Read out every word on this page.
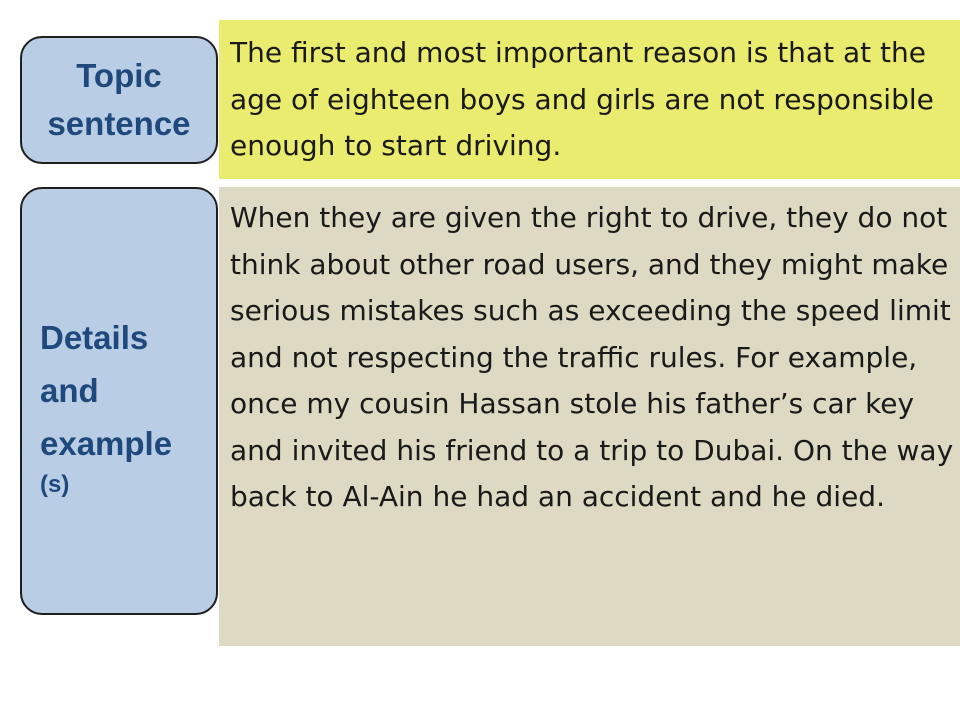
The first and most important reason is that at the age of eighteen boys and girls are not responsible enough to start driving.
When they are given the right to drive, they do not think about other road users, and they might make serious mistakes such as exceeding the speed limit and not respecting the traffic rules. For example, once my cousin Hassan stole his father’s car key and invited his friend to a trip to Dubai. On the way back to Al-Ain he had an accident and he died.
Topic
sentence
Details
and
example
(s)
